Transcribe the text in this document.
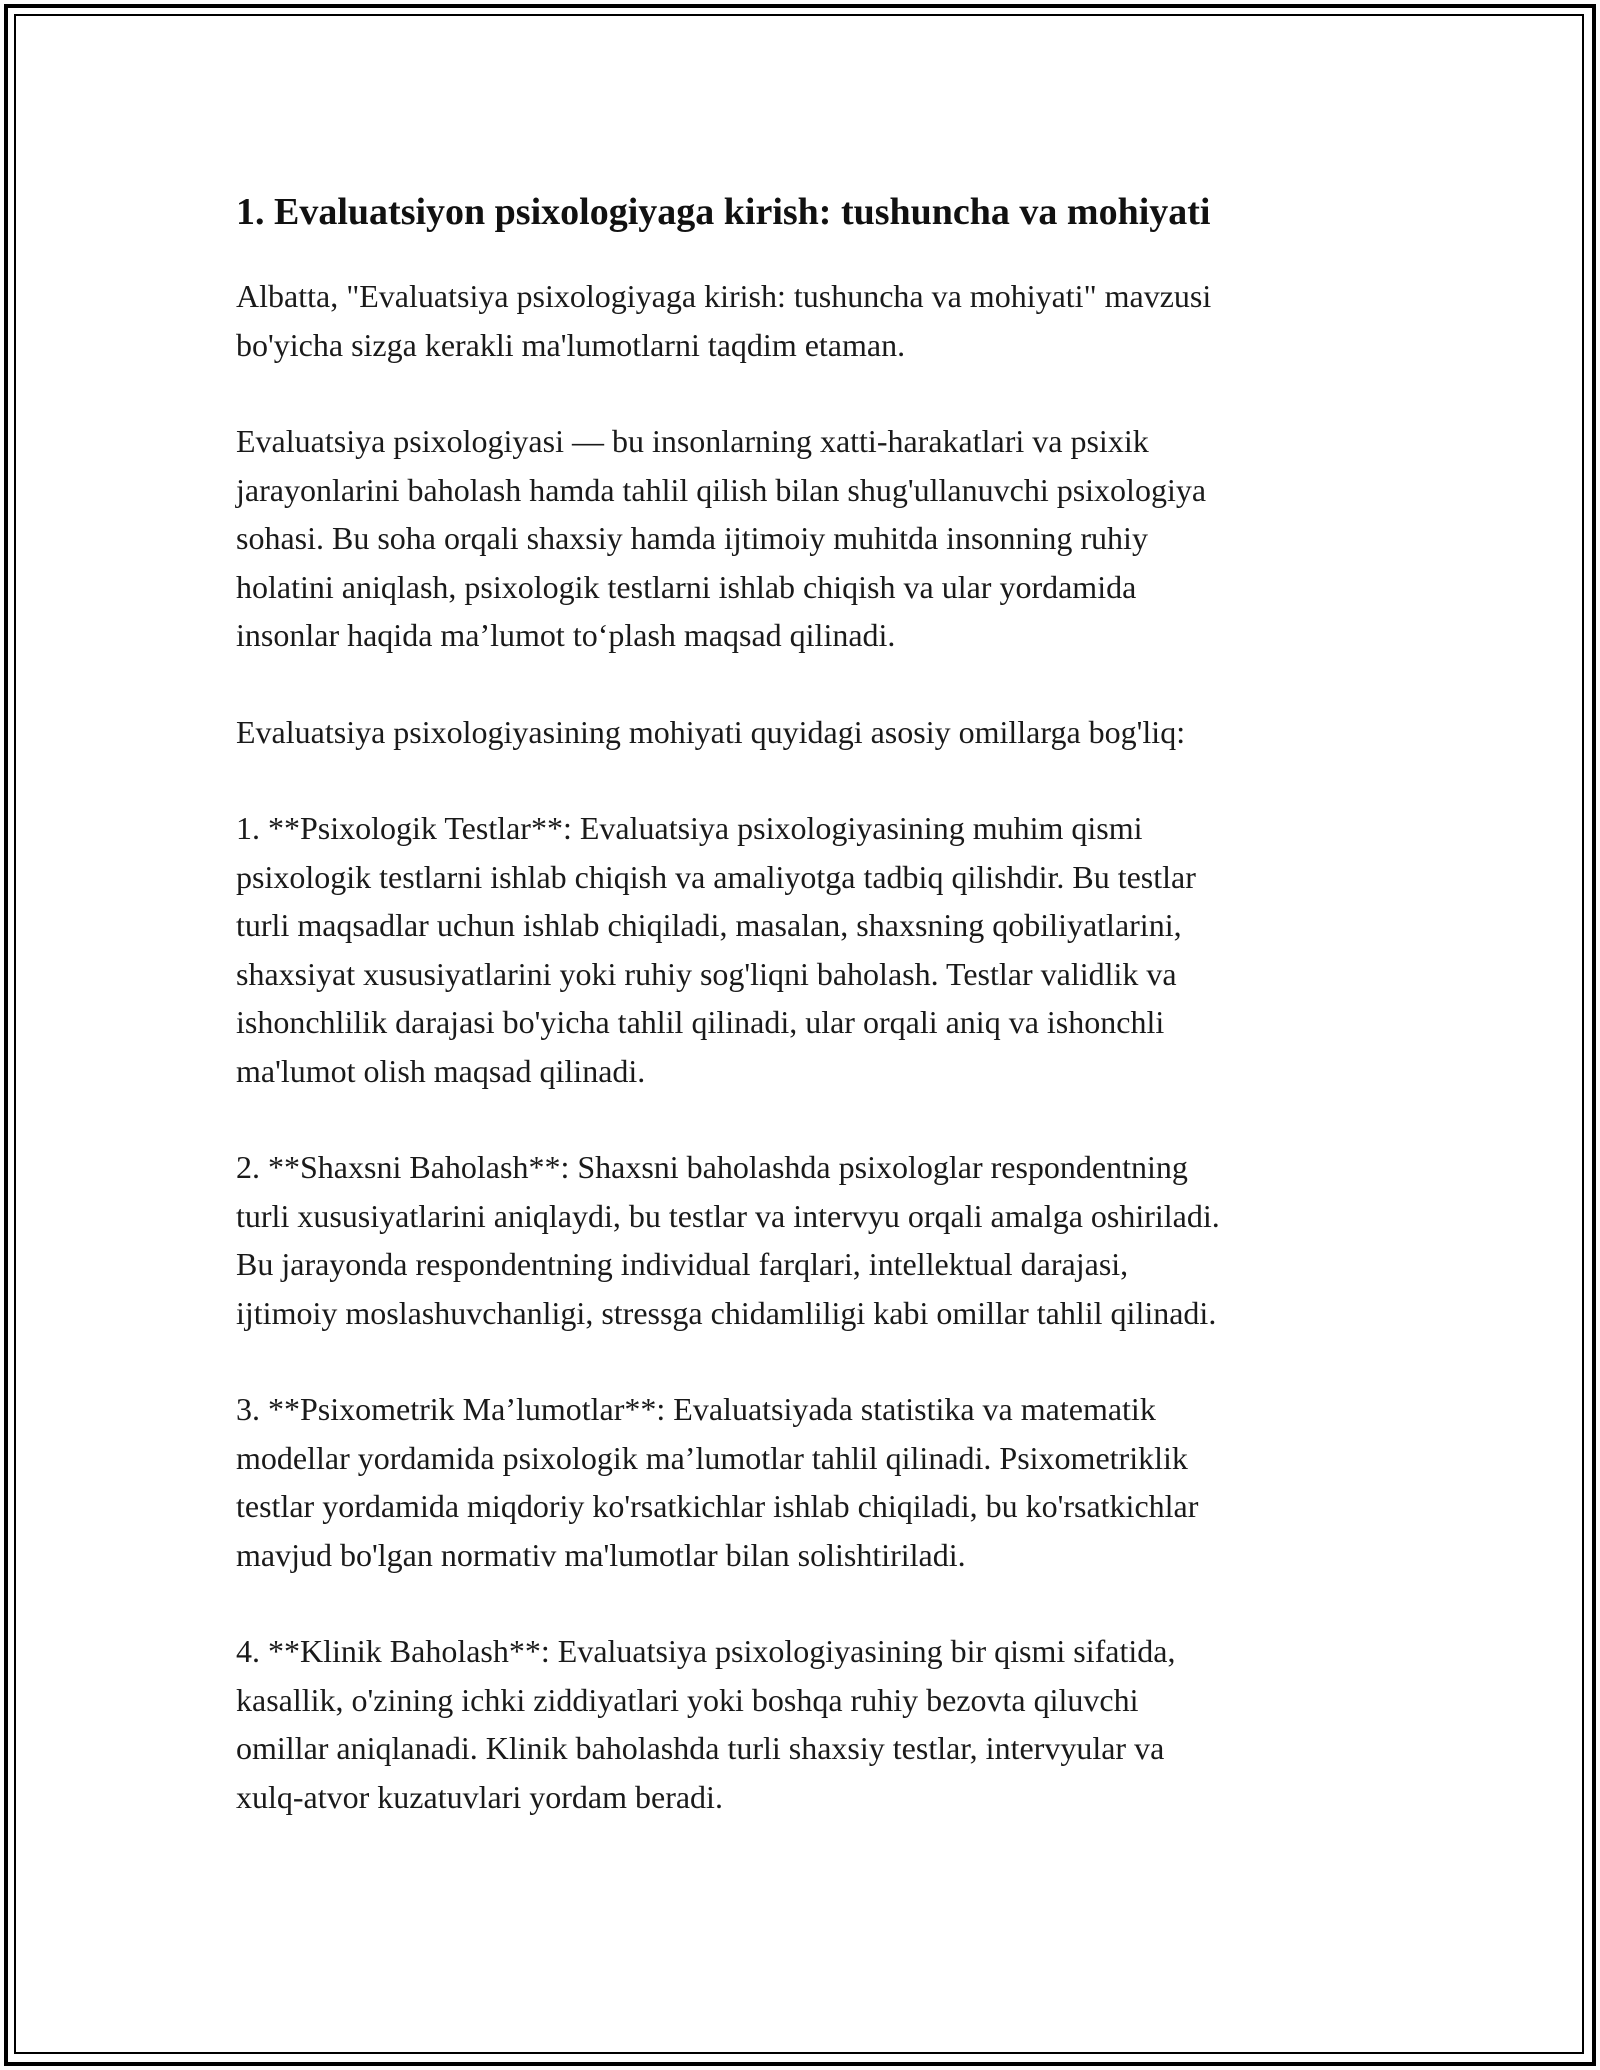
1. Evaluatsiyon psixologiyaga kirish: tushuncha va mohiyati

Albatta, "Evaluatsiya psixologiyaga kirish: tushuncha va mohiyati" mavzusi
bo'yicha sizga kerakli ma'lumotlarni taqdim etaman.

Evaluatsiya psixologiyasi — bu insonlarning xatti-harakatlari va psixik
jarayonlarini baholash hamda tahlil qilish bilan shug'ullanuvchi psixologiya
sohasi. Bu soha orqali shaxsiy hamda ijtimoiy muhitda insonning ruhiy
holatini aniqlash, psixologik testlarni ishlab chiqish va ular yordamida
insonlar haqida ma’lumot to‘plash maqsad qilinadi.

Evaluatsiya psixologiyasining mohiyati quyidagi asosiy omillarga bog'liq:

1. **Psixologik Testlar**: Evaluatsiya psixologiyasining muhim qismi
psixologik testlarni ishlab chiqish va amaliyotga tadbiq qilishdir. Bu testlar
turli maqsadlar uchun ishlab chiqiladi, masalan, shaxsning qobiliyatlarini,
shaxsiyat xususiyatlarini yoki ruhiy sog'liqni baholash. Testlar validlik va
ishonchlilik darajasi bo'yicha tahlil qilinadi, ular orqali aniq va ishonchli
ma'lumot olish maqsad qilinadi.

2. **Shaxsni Baholash**: Shaxsni baholashda psixologlar respondentning
turli xususiyatlarini aniqlaydi, bu testlar va intervyu orqali amalga oshiriladi.
Bu jarayonda respondentning individual farqlari, intellektual darajasi,
ijtimoiy moslashuvchanligi, stressga chidamliligi kabi omillar tahlil qilinadi.

3. **Psixometrik Ma’lumotlar**: Evaluatsiyada statistika va matematik
modellar yordamida psixologik ma’lumotlar tahlil qilinadi. Psixometriklik
testlar yordamida miqdoriy ko'rsatkichlar ishlab chiqiladi, bu ko'rsatkichlar
mavjud bo'lgan normativ ma'lumotlar bilan solishtiriladi.

4. **Klinik Baholash**: Evaluatsiya psixologiyasining bir qismi sifatida,
kasallik, o'zining ichki ziddiyatlari yoki boshqa ruhiy bezovta qiluvchi
omillar aniqlanadi. Klinik baholashda turli shaxsiy testlar, intervyular va
xulq-atvor kuzatuvlari yordam beradi.
